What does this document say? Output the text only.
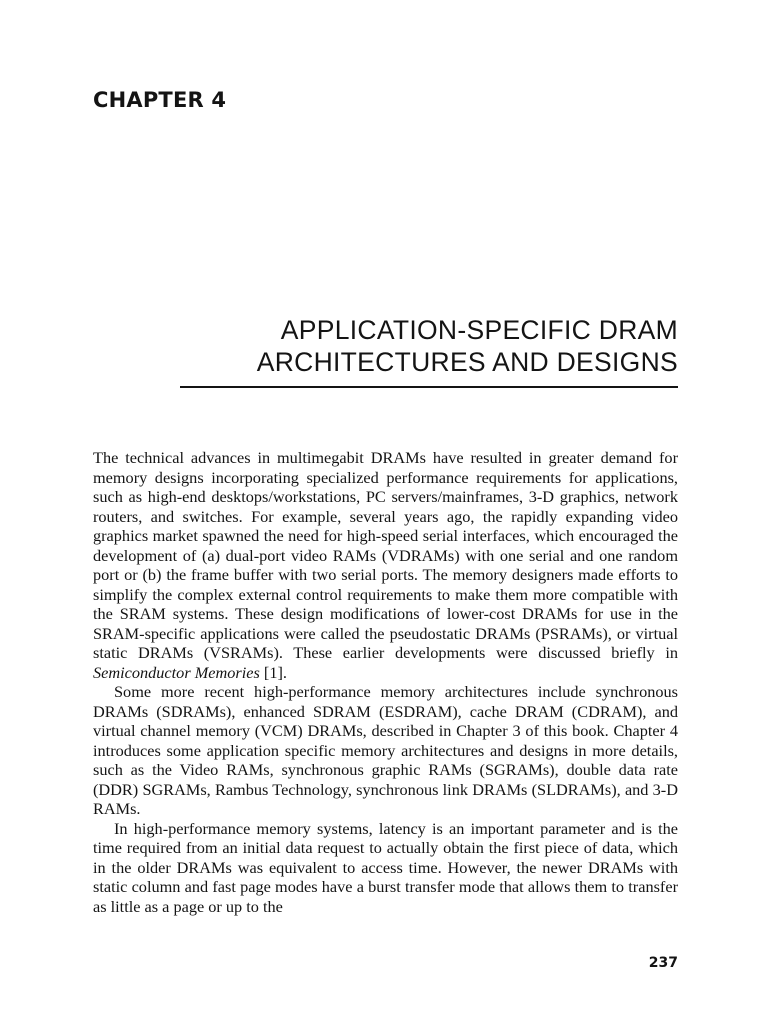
CHAPTER 4
APPLICATION-SPECIFIC DRAM
ARCHITECTURES AND DESIGNS

The technical advances in multimegabit DRAMs have resulted in greater demand for memory designs incorporating specialized performance requirements for applications, such as high-end desktops/workstations, PC servers/mainframes, 3-D graphics, network routers, and switches. For example, several years ago, the rapidly expanding video graphics market spawned the need for high-speed serial interfaces, which encouraged the development of (a) dual-port video RAMs (VDRAMs) with one serial and one random port or (b) the frame buffer with two serial ports. The memory designers made efforts to simplify the complex external control requirements to make them more compatible with the SRAM systems. These design modifications of lower-cost DRAMs for use in the SRAM-specific applications were called the pseudostatic DRAMs (PSRAMs), or virtual static DRAMs (VSRAMs). These earlier developments were discussed briefly in Semiconductor Memories [1].

Some more recent high-performance memory architectures include synchronous DRAMs (SDRAMs), enhanced SDRAM (ESDRAM), cache DRAM (CDRAM), and virtual channel memory (VCM) DRAMs, described in Chapter 3 of this book. Chapter 4 introduces some application specific memory architectures and designs in more details, such as the Video RAMs, synchronous graphic RAMs (SGRAMs), double data rate (DDR) SGRAMs, Rambus Technology, synchronous link DRAMs (SLDRAMs), and 3-D RAMs.

In high-performance memory systems, latency is an important parameter and is the time required from an initial data request to actually obtain the first piece of data, which in the older DRAMs was equivalent to access time. However, the newer DRAMs with static column and fast page modes have a burst transfer mode that allows them to transfer as little as a page or up to the

237
